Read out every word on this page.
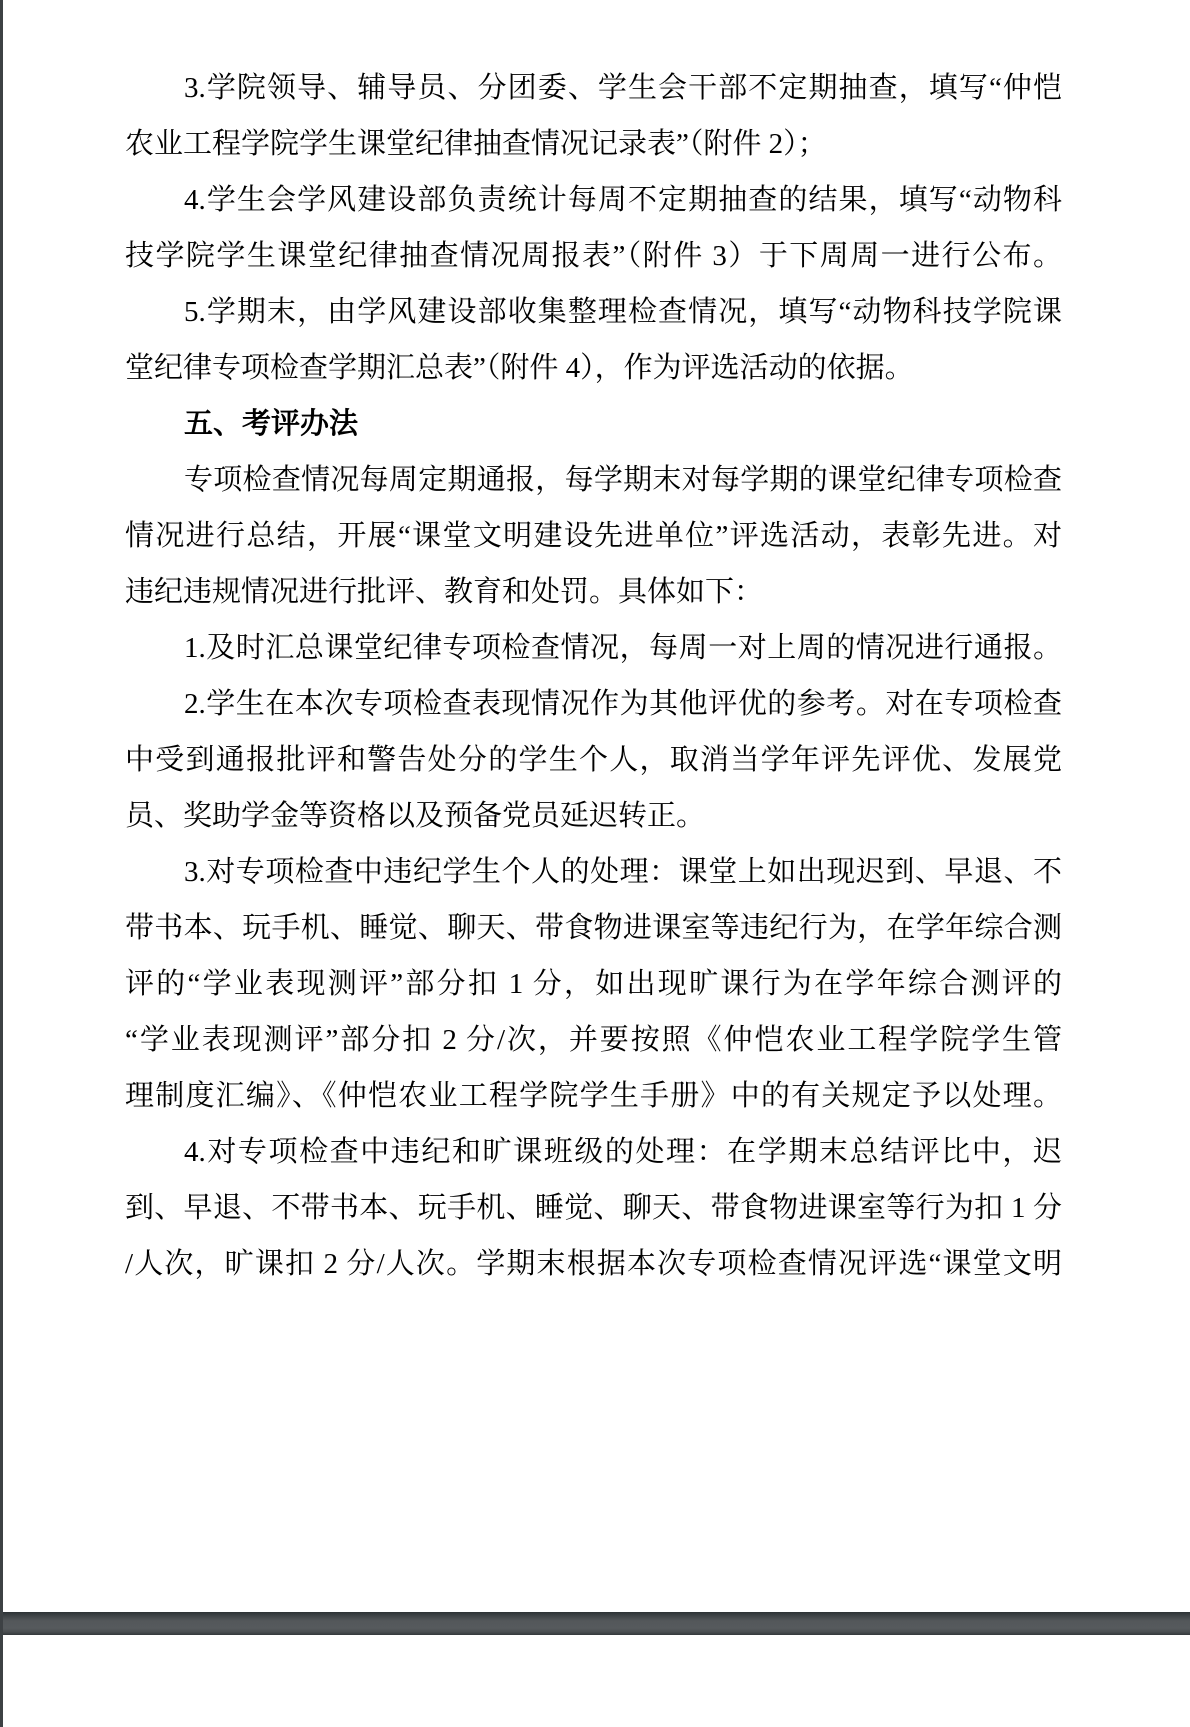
3.学院领导、辅导员、分团委、学生会干部不定期抽查，填写“仲恺
农业工程学院学生课堂纪律抽查情况记录表”（附件 2）；
4.学生会学风建设部负责统计每周不定期抽查的结果，填写“动物科
技学院学生课堂纪律抽查情况周报表”（附件 3）于下周周一进行公布。
5.学期末，由学风建设部收集整理检查情况，填写“动物科技学院课
堂纪律专项检查学期汇总表”（附件 4），作为评选活动的依据。
五、考评办法
专项检查情况每周定期通报，每学期末对每学期的课堂纪律专项检查
情况进行总结，开展“课堂文明建设先进单位”评选活动，表彰先进。对
违纪违规情况进行批评、教育和处罚。具体如下：
1.及时汇总课堂纪律专项检查情况，每周一对上周的情况进行通报。
2.学生在本次专项检查表现情况作为其他评优的参考。对在专项检查
中受到通报批评和警告处分的学生个人，取消当学年评先评优、发展党
员、奖助学金等资格以及预备党员延迟转正。
3.对专项检查中违纪学生个人的处理：课堂上如出现迟到、早退、不
带书本、玩手机、睡觉、聊天、带食物进课室等违纪行为，在学年综合测
评的“学业表现测评”部分扣 1 分，如出现旷课行为在学年综合测评的
“学业表现测评”部分扣 2 分/次，并要按照《仲恺农业工程学院学生管
理制度汇编》、《仲恺农业工程学院学生手册》中的有关规定予以处理。
4.对专项检查中违纪和旷课班级的处理：在学期末总结评比中，迟
到、早退、不带书本、玩手机、睡觉、聊天、带食物进课室等行为扣 1 分
/人次，旷课扣 2 分/人次。学期末根据本次专项检查情况评选“课堂文明
